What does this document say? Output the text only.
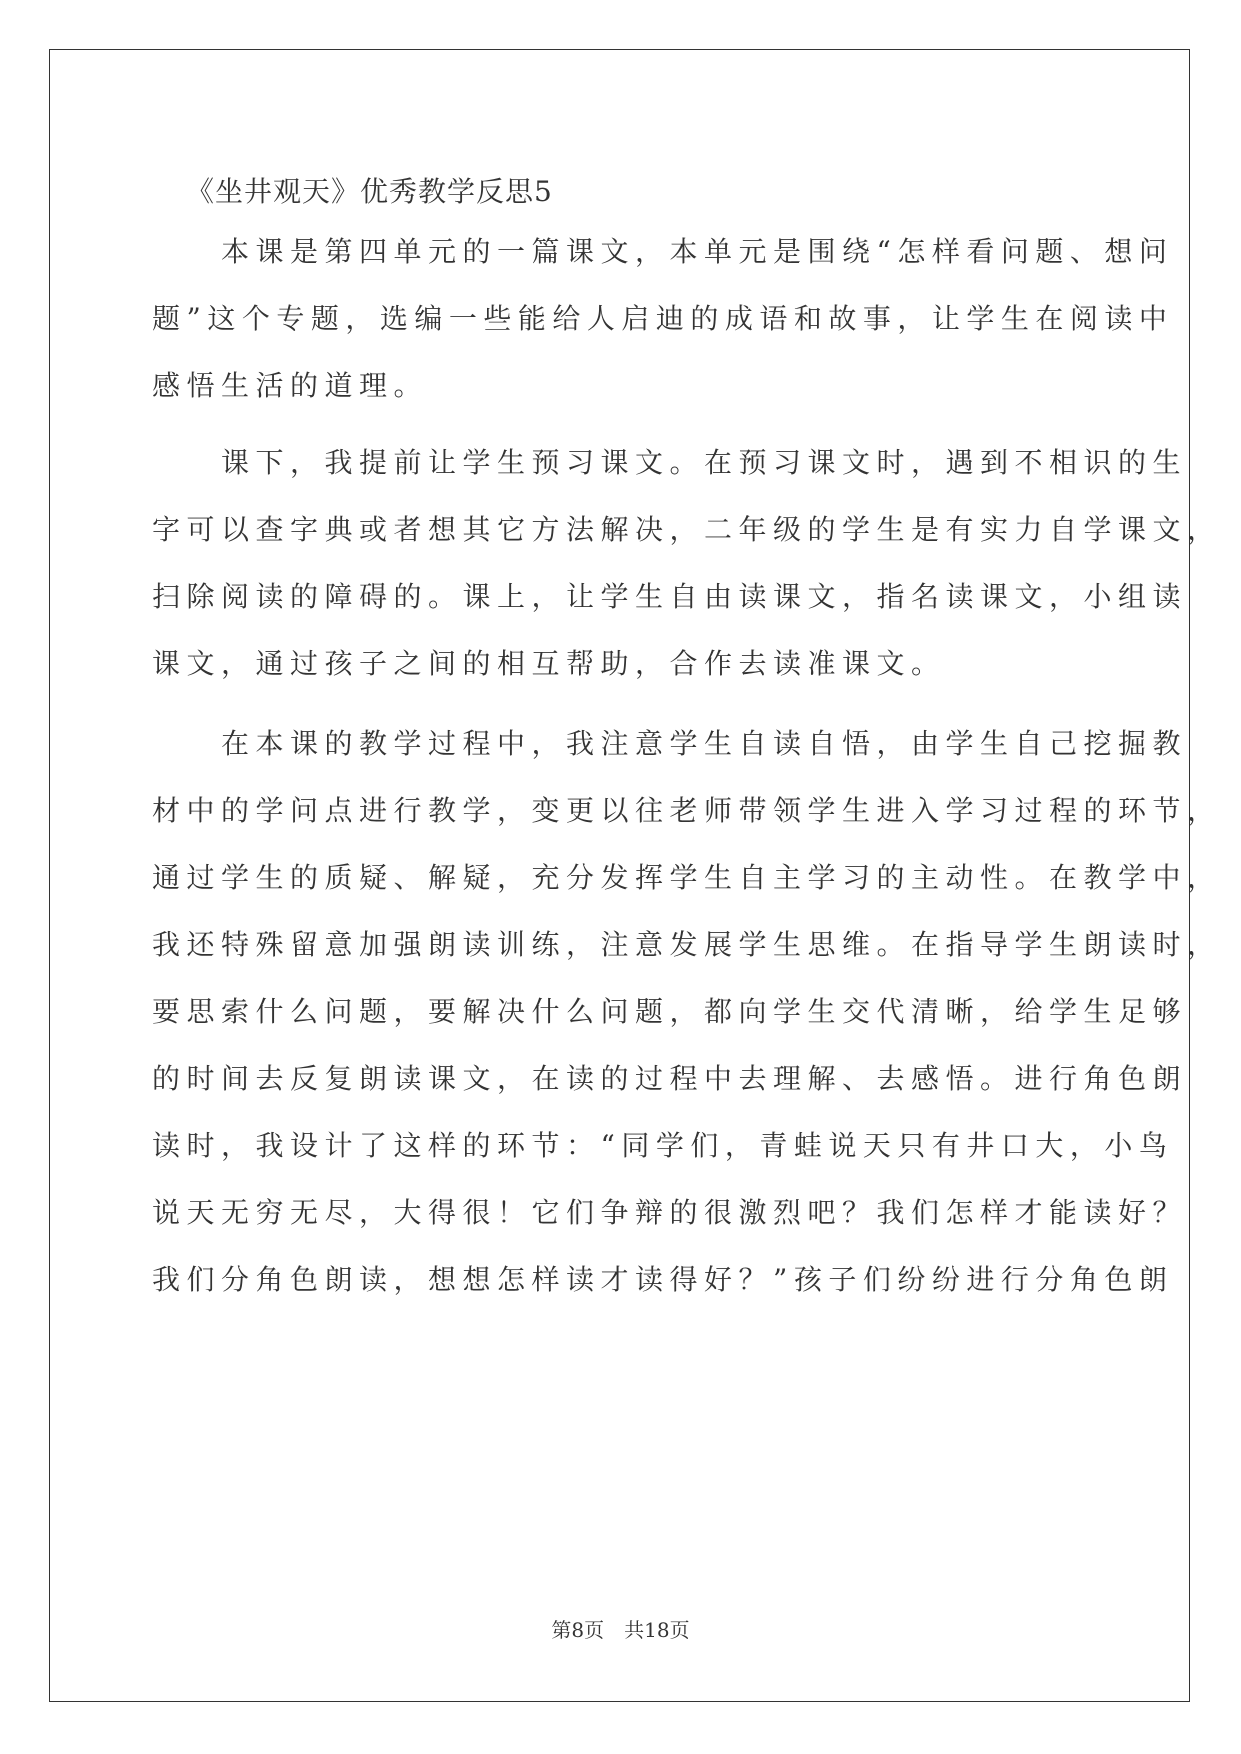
《坐井观天》优秀教学反思5
　　本课是第四单元的一篇课文，本单元是围绕“怎样看问题、想问
题”这个专题，选编一些能给人启迪的成语和故事，让学生在阅读中
感悟生活的道理。
　　课下，我提前让学生预习课文。在预习课文时，遇到不相识的生
字可以查字典或者想其它方法解决，二年级的学生是有实力自学课文，
扫除阅读的障碍的。课上，让学生自由读课文，指名读课文，小组读
课文，通过孩子之间的相互帮助，合作去读准课文。
　　在本课的教学过程中，我注意学生自读自悟，由学生自己挖掘教
材中的学问点进行教学，变更以往老师带领学生进入学习过程的环节，
通过学生的质疑、解疑，充分发挥学生自主学习的主动性。在教学中，
我还特殊留意加强朗读训练，注意发展学生思维。在指导学生朗读时，
要思索什么问题，要解决什么问题，都向学生交代清晰，给学生足够
的时间去反复朗读课文，在读的过程中去理解、去感悟。进行角色朗
读时，我设计了这样的环节：“同学们，青蛙说天只有井口大，小鸟
说天无穷无尽，大得很！它们争辩的很激烈吧？我们怎样才能读好？
我们分角色朗读，想想怎样读才读得好？”孩子们纷纷进行分角色朗
第8页 共18页
